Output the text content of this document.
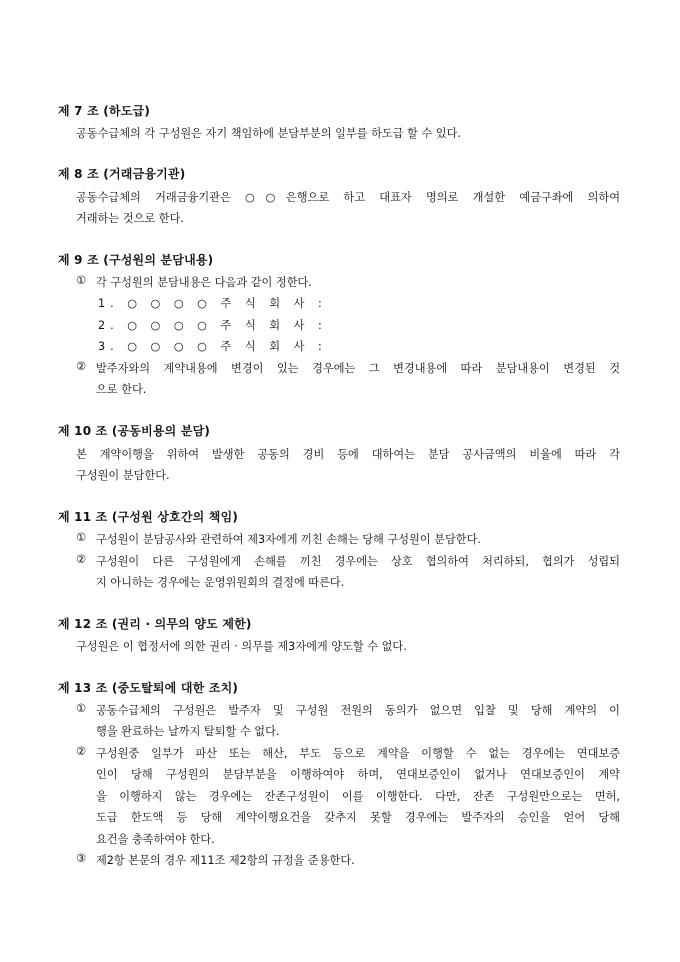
제 7 조 (하도급)
공동수급체의 각 구성원은 자기 책임하에 분담부분의 일부를 하도급 할 수 있다.
제 8 조 (거래금융기관)
공동수급체의 거래금융기관은 ○○은행으로 하고 대표자 명의로 개설한 예금구좌에 의하여
거래하는 것으로 한다.
제 9 조 (구성원의 분담내용)
① 각 구성원의 분담내용은 다음과 같이 정한다.
1. ○ ○ ○ ○ 주 식 회 사 :
2. ○ ○ ○ ○ 주 식 회 사 :
3. ○ ○ ○ ○ 주 식 회 사 :
② 발주자와의 계약내용에 변경이 있는 경우에는 그 변경내용에 따라 분담내용이 변경된 것
으로 한다.
제 10 조 (공동비용의 분담)
본 계약이행을 위하여 발생한 공동의 경비 등에 대하여는 분담 공사금액의 비율에 따라 각
구성원이 분담한다.
제 11 조 (구성원 상호간의 책임)
① 구성원이 분담공사와 관련하여 제3자에게 끼친 손해는 당해 구성원이 분담한다.
② 구성원이 다른 구성원에게 손해를 끼친 경우에는 상호 협의하여 처리하되, 협의가 성립되
지 아니하는 경우에는 운영위원회의 결정에 따른다.
제 12 조 (권리 · 의무의 양도 제한)
구성원은 이 협정서에 의한 권리 · 의무를 제3자에게 양도할 수 없다.
제 13 조 (중도탈퇴에 대한 조치)
① 공동수급체의 구성원은 발주자 및 구성원 전원의 동의가 없으면 입찰 및 당해 계약의 이
행을 완료하는 날까지 탈퇴할 수 없다.
② 구성원중 일부가 파산 또는 해산, 부도 등으로 계약을 이행할 수 없는 경우에는 연대보증
인이 당해 구성원의 분담부분을 이행하여야 하며, 연대보증인이 없거나 연대보증인이 계약
을 이행하지 않는 경우에는 잔존구성원이 이를 이행한다. 다만, 잔존 구성원만으로는 면허,
도급 한도액 등 당해 계약이행요건을 갖추지 못할 경우에는 발주자의 승인을 얻어 당해
요건을 충족하여야 한다.
③ 제2항 본문의 경우 제11조 제2항의 규정을 준용한다.
